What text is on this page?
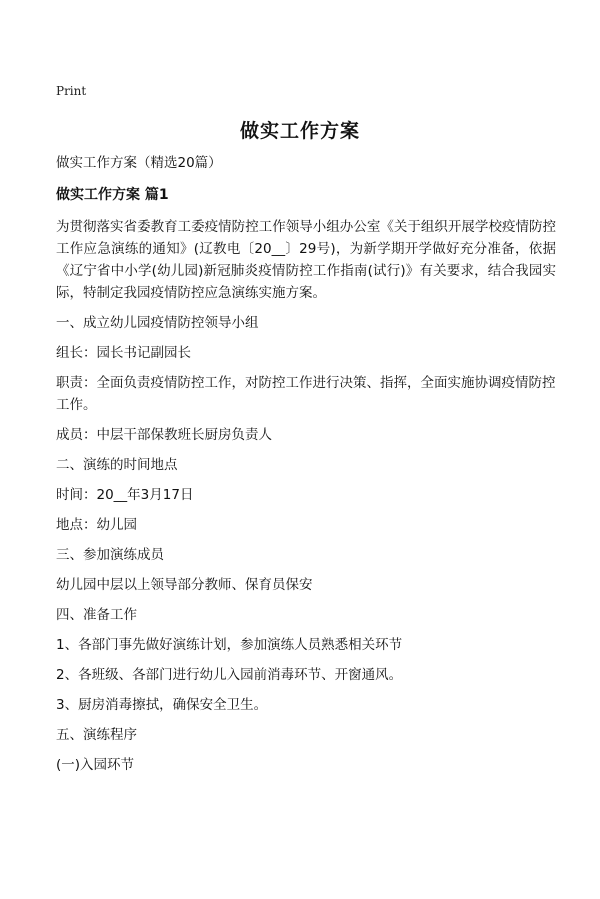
Print
做实工作方案

做实工作方案（精选20篇）

做实工作方案 篇1

为贯彻落实省委教育工委疫情防控工作领导小组办公室《关于组织开展学校疫情防控工作应急演练的通知》(辽教电〔20__〕29号)，为新学期开学做好充分准备，依据《辽宁省中小学(幼儿园)新冠肺炎疫情防控工作指南(试行)》有关要求，结合我园实际，特制定我园疫情防控应急演练实施方案。

一、成立幼儿园疫情防控领导小组

组长：园长书记副园长

职责：全面负责疫情防控工作，对防控工作进行决策、指挥，全面实施协调疫情防控工作。

成员：中层干部保教班长厨房负责人

二、演练的时间地点

时间：20__年3月17日

地点：幼儿园

三、参加演练成员

幼儿园中层以上领导部分教师、保育员保安

四、准备工作

1、各部门事先做好演练计划，参加演练人员熟悉相关环节

2、各班级、各部门进行幼儿入园前消毒环节、开窗通风。

3、厨房消毒擦拭，确保安全卫生。

五、演练程序

(一)入园环节
